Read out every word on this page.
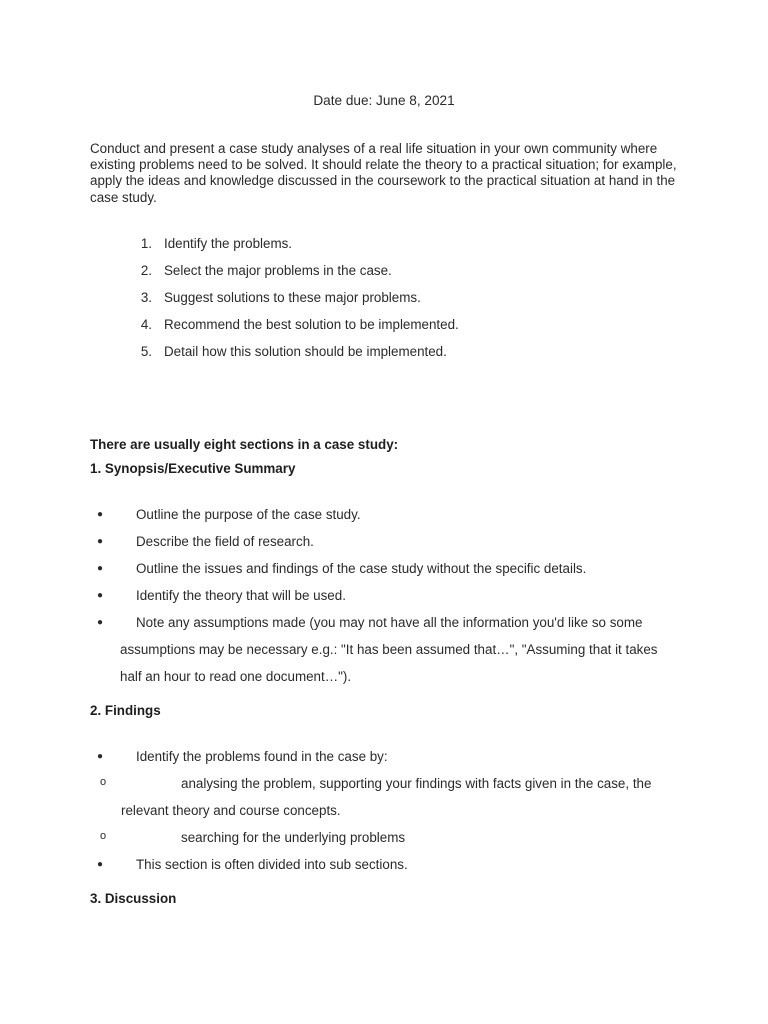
Date due: June 8, 2021
Conduct and present a case study analyses of a real life situation in your own community where existing problems need to be solved. It should relate the theory to a practical situation; for example, apply the ideas and knowledge discussed in the coursework to the practical situation at hand in the case study.
1. Identify the problems.
2. Select the major problems in the case.
3. Suggest solutions to these major problems.
4. Recommend the best solution to be implemented.
5. Detail how this solution should be implemented.
There are usually eight sections in a case study:
1. Synopsis/Executive Summary
● Outline the purpose of the case study.
● Describe the field of research.
● Outline the issues and findings of the case study without the specific details.
● Identify the theory that will be used.
● Note any assumptions made (you may not have all the information you'd like so some
assumptions may be necessary e.g.: "It has been assumed that…", "Assuming that it takes
half an hour to read one document…").
2. Findings
● Identify the problems found in the case by:
o	analysing the problem, supporting your findings with facts given in the case, the
relevant theory and course concepts.
o	searching for the underlying problems
● This section is often divided into sub sections.
3. Discussion
